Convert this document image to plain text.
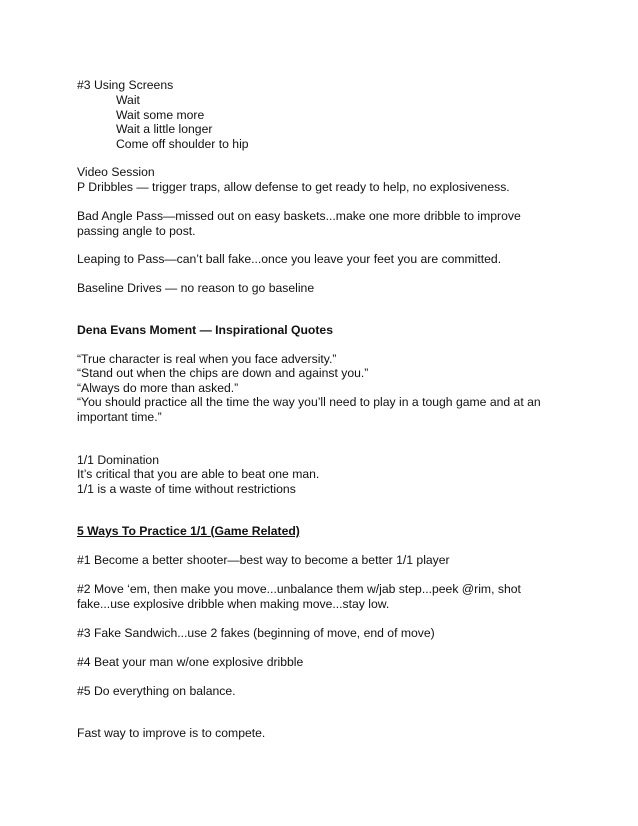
#3 Using Screens
Wait
Wait some more
Wait a little longer
Come off shoulder to hip
Video Session
P Dribbles — trigger traps, allow defense to get ready to help, no explosiveness.
Bad Angle Pass—missed out on easy baskets...make one more dribble to improve
passing angle to post.
Leaping to Pass—can’t ball fake...once you leave your feet you are committed.
Baseline Drives — no reason to go baseline
Dena Evans Moment — Inspirational Quotes
“True character is real when you face adversity.”
“Stand out when the chips are down and against you.”
“Always do more than asked.”
“You should practice all the time the way you’ll need to play in a tough game and at an
important time.”
1/1 Domination
It’s critical that you are able to beat one man.
1/1 is a waste of time without restrictions
5 Ways To Practice 1/1 (Game Related)
#1 Become a better shooter—best way to become a better 1/1 player
#2 Move ‘em, then make you move...unbalance them w/jab step...peek @rim, shot
fake...use explosive dribble when making move...stay low.
#3 Fake Sandwich...use 2 fakes (beginning of move, end of move)
#4 Beat your man w/one explosive dribble
#5 Do everything on balance.
Fast way to improve is to compete.
